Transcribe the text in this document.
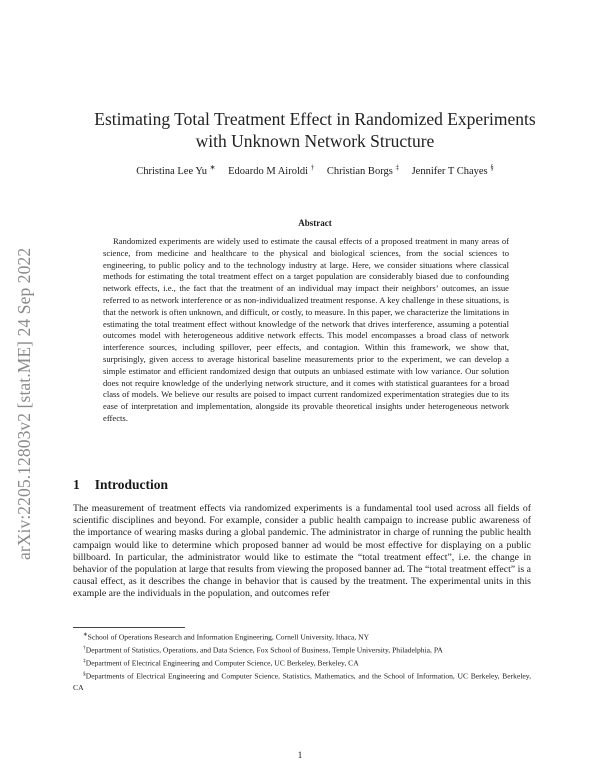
arXiv:2205.12803v2 [stat.ME] 24 Sep 2022
Estimating Total Treatment Effect in Randomized Experiments
with Unknown Network Structure
Christina Lee Yu ∗ Edoardo M Airoldi † Christian Borgs ‡ Jennifer T Chayes §
Abstract

Randomized experiments are widely used to estimate the causal effects of a proposed treatment in many areas of science, from medicine and healthcare to the physical and biological sciences, from the social sciences to engineering, to public policy and to the technology industry at large. Here, we consider situations where classical methods for estimating the total treatment effect on a target population are considerably biased due to confounding network effects, i.e., the fact that the treatment of an individual may impact their neighbors’ outcomes, an issue referred to as network interference or as non-individualized treatment response. A key challenge in these situations, is that the network is often unknown, and difficult, or costly, to measure. In this paper, we characterize the limitations in estimating the total treatment effect without knowledge of the network that drives interference, assuming a potential outcomes model with heterogeneous additive network effects. This model encompasses a broad class of network interference sources, including spillover, peer effects, and contagion. Within this framework, we show that, surprisingly, given access to average historical baseline measurements prior to the experiment, we can develop a simple estimator and efficient randomized design that outputs an unbiased estimate with low variance. Our solution does not require knowledge of the underlying network structure, and it comes with statistical guarantees for a broad class of models. We believe our results are poised to impact current randomized experimentation strategies due to its ease of interpretation and implementation, alongside its provable theoretical insights under heterogeneous network effects.

1 Introduction

The measurement of treatment effects via randomized experiments is a fundamental tool used across all fields of scientific disciplines and beyond. For example, consider a public health campaign to increase public awareness of the importance of wearing masks during a global pandemic. The administrator in charge of running the public health campaign would like to determine which proposed banner ad would be most effective for displaying on a public billboard. In particular, the administrator would like to estimate the “total treatment effect”, i.e. the change in behavior of the population at large that results from viewing the proposed banner ad. The “total treatment effect” is a causal effect, as it describes the change in behavior that is caused by the treatment. The experimental units in this example are the individuals in the population, and outcomes refer

∗School of Operations Research and Information Engineering, Cornell University, Ithaca, NY

†Department of Statistics, Operations, and Data Science, Fox School of Business, Temple University, Philadelphia, PA

‡Department of Electrical Engineering and Computer Science, UC Berkeley, Berkeley, CA

§Departments of Electrical Engineering and Computer Science, Statistics, Mathematics, and the School of Information, UC Berkeley, Berkeley, CA

1
